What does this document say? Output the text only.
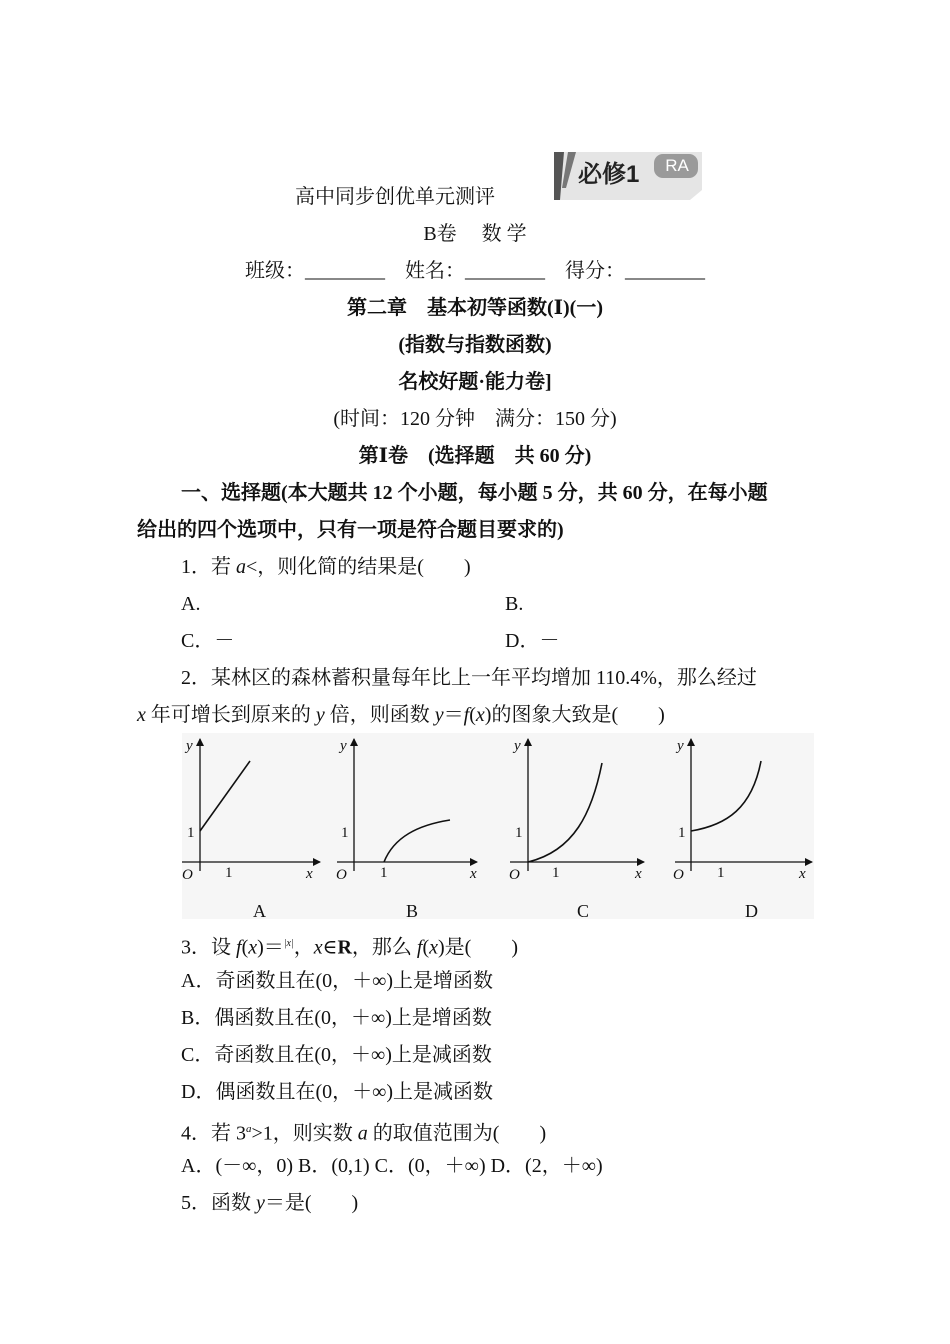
高中同步创优单元测评
必修1	RA
B卷　 数 学
班级：________　姓名：________　得分：________
第二章　基本初等函数(Ⅰ)(一)
(指数与指数函数)
名校好题·能力卷]
(时间：120 分钟　满分：150 分)
第Ⅰ卷　(选择题　共 60 分)
一、选择题(本大题共 12 个小题，每小题 5 分，共 60 分，在每小题
给出的四个选项中，只有一项是符合题目要求的)
1．若 a<，则化简的结果是(　　)
A.	B.
C．－	D．－
2．某林区的森林蓄积量每年比上一年平均增加 110.4%，那么经过
x 年可增长到原来的 y 倍，则函数 y＝f(x)的图象大致是(　　)
y
x
O 1
1
A
y
x
O 1
1
B
y
x
O 1
1
C
y
x
O 1
1
D
3．设 f(x)＝$^{|x|}$，x∈R，那么 f(x)是(　　)
A．奇函数且在(0，＋∞)上是增函数
B．偶函数且在(0，＋∞)上是增函数
C．奇函数且在(0，＋∞)上是减函数
D．偶函数且在(0，＋∞)上是减函数
4．若 $3^a>1$，则实数 a 的取值范围为(　　)
A．(－∞，0) B．(0,1) C．(0，＋∞) D．(2，＋∞)
5．函数 y＝是(　　)
